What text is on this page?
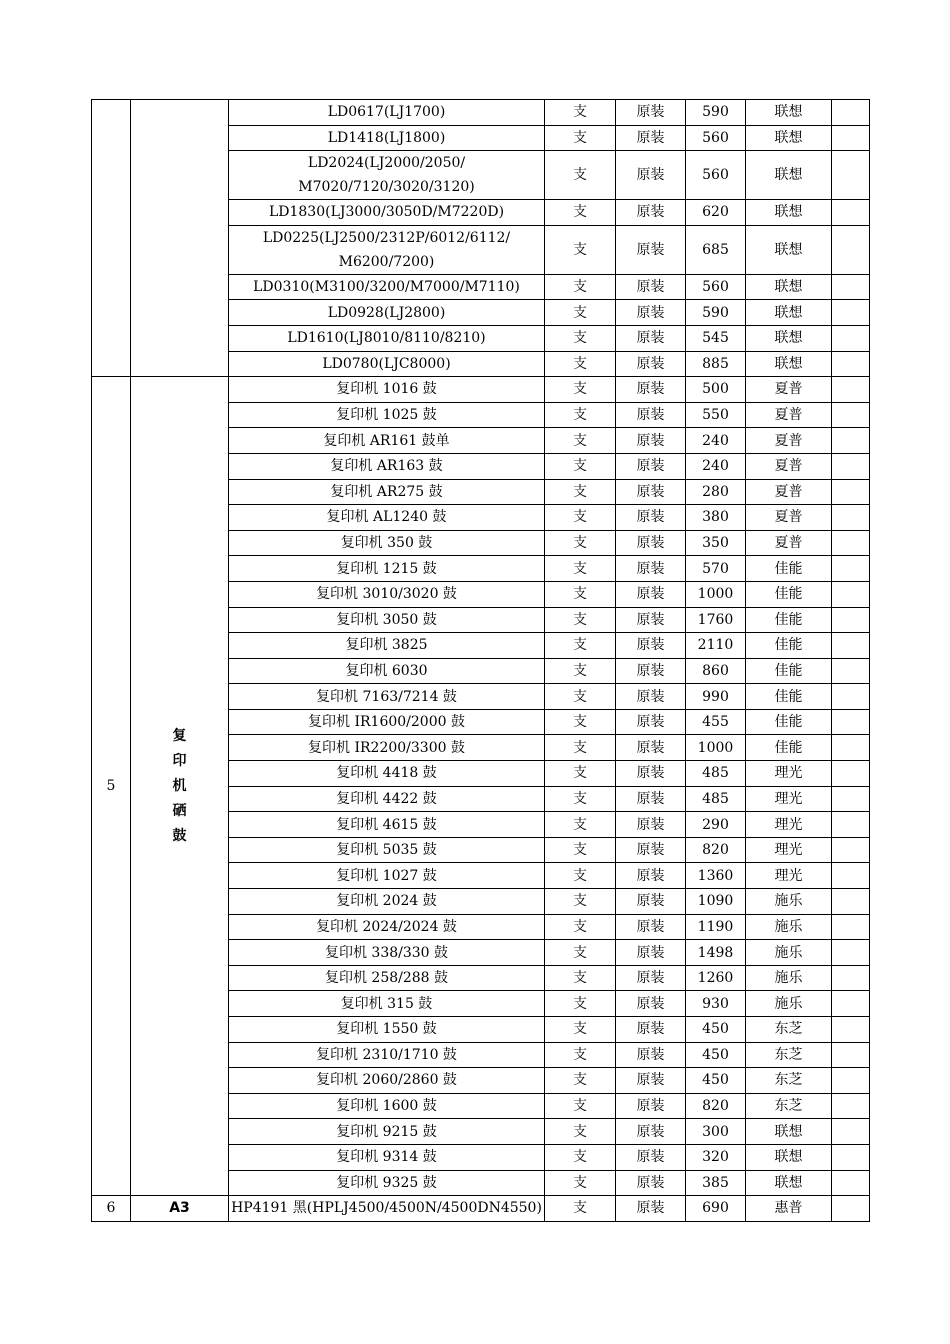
		LD0617(LJ1700)	支	原装	590	联想	
		LD1418(LJ1800)	支	原装	560	联想	
		LD2024(LJ2000/2050/
M7020/7120/3020/3120)	支	原装	560	联想	
		LD1830(LJ3000/3050D/M7220D)	支	原装	620	联想	
		LD0225(LJ2500/2312P/6012/6112/
M6200/7200)	支	原装	685	联想	
		LD0310(M3100/3200/M7000/M7110)	支	原装	560	联想	
		LD0928(LJ2800)	支	原装	590	联想	
		LD1610(LJ8010/8110/8210)	支	原装	545	联想	
		LD0780(LJC8000)	支	原装	885	联想	
5	复印机硒鼓	复印机 1016 鼓	支	原装	500	夏普	
		复印机 1025 鼓	支	原装	550	夏普	
		复印机 AR161 鼓单	支	原装	240	夏普	
		复印机 AR163 鼓	支	原装	240	夏普	
		复印机 AR275 鼓	支	原装	280	夏普	
		复印机 AL1240 鼓	支	原装	380	夏普	
		复印机 350 鼓	支	原装	350	夏普	
		复印机 1215 鼓	支	原装	570	佳能	
		复印机 3010/3020 鼓	支	原装	1000	佳能	
		复印机 3050 鼓	支	原装	1760	佳能	
		复印机 3825	支	原装	2110	佳能	
		复印机 6030	支	原装	860	佳能	
		复印机 7163/7214 鼓	支	原装	990	佳能	
		复印机 IR1600/2000 鼓	支	原装	455	佳能	
		复印机 IR2200/3300 鼓	支	原装	1000	佳能	
		复印机 4418 鼓	支	原装	485	理光	
		复印机 4422 鼓	支	原装	485	理光	
		复印机 4615 鼓	支	原装	290	理光	
		复印机 5035 鼓	支	原装	820	理光	
		复印机 1027 鼓	支	原装	1360	理光	
		复印机 2024 鼓	支	原装	1090	施乐	
		复印机 2024/2024 鼓	支	原装	1190	施乐	
		复印机 338/330 鼓	支	原装	1498	施乐	
		复印机 258/288 鼓	支	原装	1260	施乐	
		复印机 315 鼓	支	原装	930	施乐	
		复印机 1550 鼓	支	原装	450	东芝	
		复印机 2310/1710 鼓	支	原装	450	东芝	
		复印机 2060/2860 鼓	支	原装	450	东芝	
		复印机 1600 鼓	支	原装	820	东芝	
		复印机 9215 鼓	支	原装	300	联想	
		复印机 9314 鼓	支	原装	320	联想	
		复印机 9325 鼓	支	原装	385	联想	
6	A3	HP4191 黑(HPLJ4500/4500N/4500DN4550)	支	原装	690	惠普	
